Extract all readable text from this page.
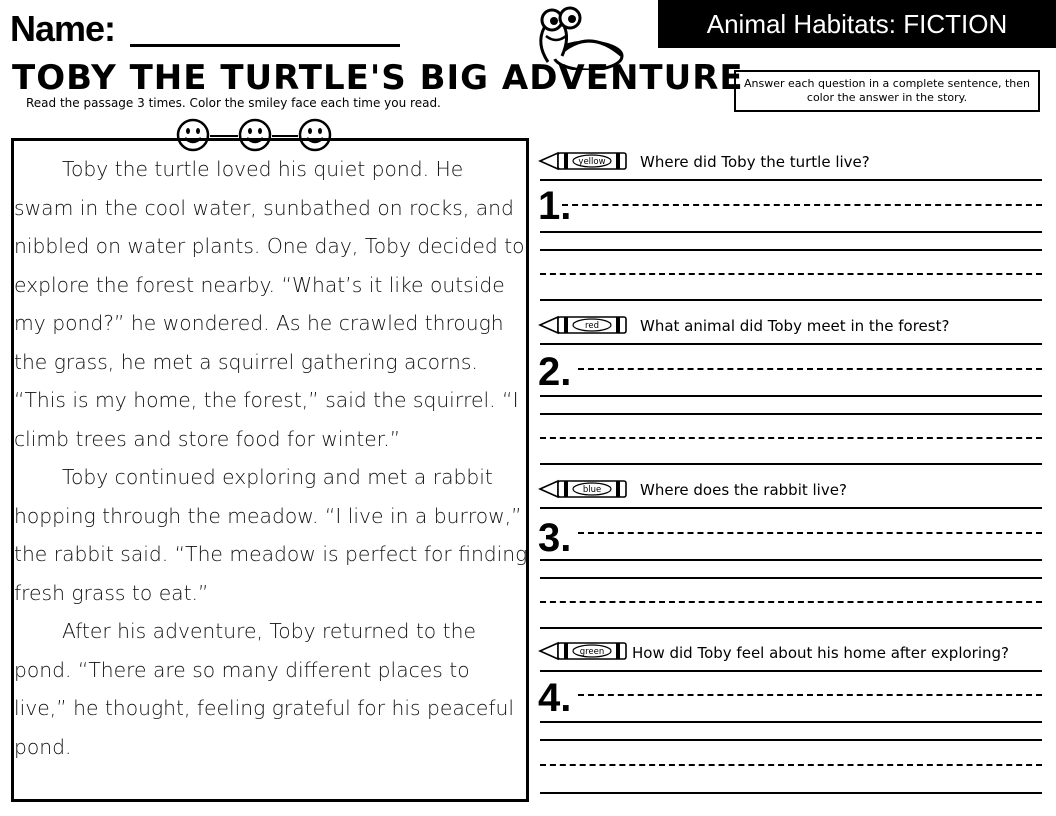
Name:	Animal Habitats: FICTION
TOBY THE TURTLE'S BIG ADVENTURE
Read the passage 3 times. Color the smiley face each time you read.
Answer each question in a complete sentence, then color the answer in the story.

Toby the turtle loved his quiet pond. He swam in the cool water, sunbathed on rocks, and nibbled on water plants. One day, Toby decided to explore the forest nearby. “What’s it like outside my pond?” he wondered. As he crawled through the grass, he met a squirrel gathering acorns. “This is my home, the forest,” said the squirrel. “I climb trees and store food for winter.”

Toby continued exploring and met a rabbit hopping through the meadow. “I live in a burrow,” the rabbit said. “The meadow is perfect for finding fresh grass to eat.”

After his adventure, Toby returned to the pond. “There are so many different places to live,” he thought, feeling grateful for his peaceful pond.

yellow Where did Toby the turtle live?
1.
red	What animal did Toby meet in the forest?
2.
blue	Where does the rabbit live?
3.
green How did Toby feel about his home after exploring?
4.
